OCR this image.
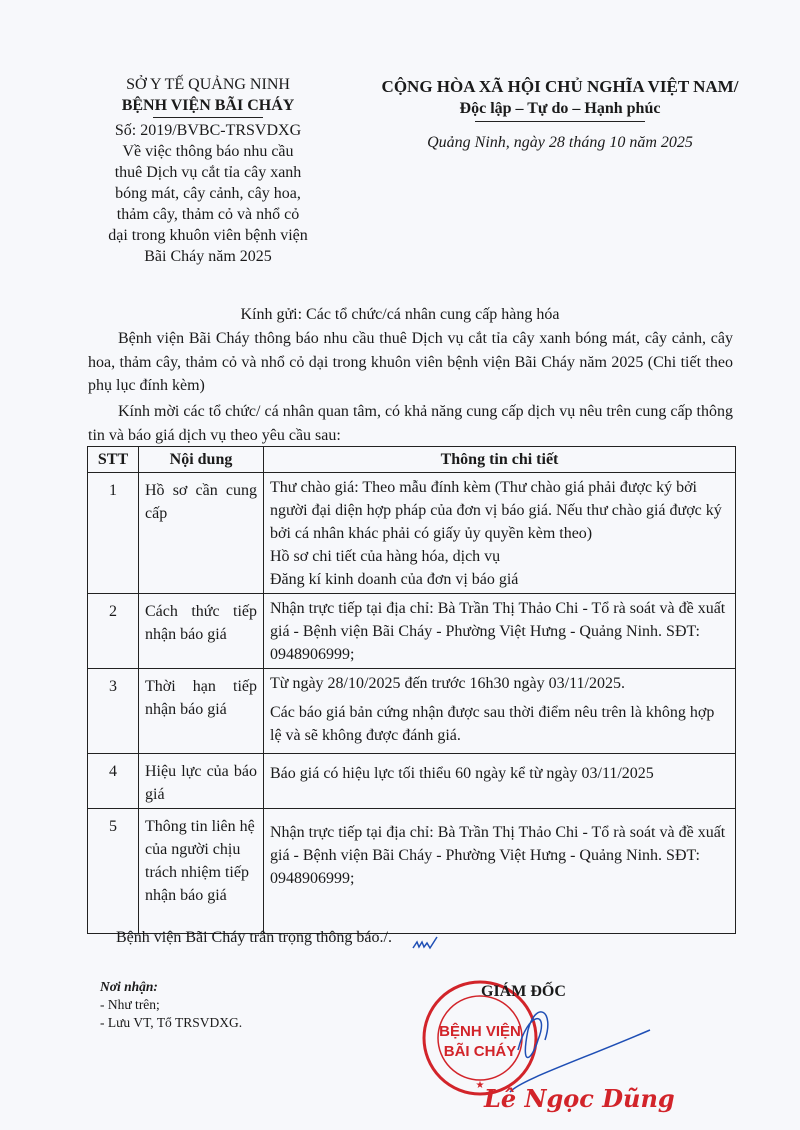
SỞ Y TẾ QUẢNG NINH
BỆNH VIỆN BÃI CHÁY
Số: 2019/BVBC-TRSVDXG
Về việc thông báo nhu cầu
thuê Dịch vụ cắt tỉa cây xanh
bóng mát, cây cảnh, cây hoa,
thảm cây, thảm cỏ và nhổ cỏ
dại trong khuôn viên bệnh viện
Bãi Cháy năm 2025
CỘNG HÒA XÃ HỘI CHỦ NGHĨA VIỆT NAM/
Độc lập – Tự do – Hạnh phúc
Quảng Ninh, ngày 28 tháng 10 năm 2025
Kính gửi: Các tổ chức/cá nhân cung cấp hàng hóa
Bệnh viện Bãi Cháy thông báo nhu cầu thuê Dịch vụ cắt tỉa cây xanh bóng mát, cây cảnh, cây hoa, thảm cây, thảm cỏ và nhổ cỏ dại trong khuôn viên bệnh viện Bãi Cháy năm 2025 (Chi tiết theo phụ lục đính kèm)
Kính mời các tổ chức/ cá nhân quan tâm, có khả năng cung cấp dịch vụ nêu trên cung cấp thông tin và báo giá dịch vụ theo yêu cầu sau:
STT	Nội dung	Thông tin chi tiết
1	Hồ sơ cần cung cấp	Thư chào giá: Theo mẫu đính kèm (Thư chào giá phải được ký bởi người đại diện hợp pháp của đơn vị báo giá. Nếu thư chào giá được ký bởi cá nhân khác phải có giấy ủy quyền kèm theo)

Hồ sơ chi tiết của hàng hóa, dịch vụ

Đăng kí kinh doanh của đơn vị báo giá

2	Cách thức tiếp nhận báo giá	Nhận trực tiếp tại địa chỉ: Bà Trần Thị Thảo Chi - Tổ rà soát và đề xuất giá - Bệnh viện Bãi Cháy - Phường Việt Hưng - Quảng Ninh. SĐT: 0948906999;

3	Thời hạn tiếp nhận báo giá	Từ ngày 28/10/2025 đến trước 16h30 ngày 03/11/2025.

Các báo giá bản cứng nhận được sau thời điểm nêu trên là không hợp lệ và sẽ không được đánh giá.

4	Hiệu lực của báo giá	Báo giá có hiệu lực tối thiểu 60 ngày kể từ ngày 03/11/2025

5	Thông tin liên hệ của người chịu trách nhiệm tiếp nhận báo giá	Nhận trực tiếp tại địa chỉ: Bà Trần Thị Thảo Chi - Tổ rà soát và đề xuất giá - Bệnh viện Bãi Cháy - Phường Việt Hưng - Quảng Ninh. SĐT: 0948906999;

Bệnh viện Bãi Cháy trân trọng thông báo./.
Nơi nhận:
- Như trên;
- Lưu VT, Tổ TRSVDXG.
BỆNH VIỆN
BÃI CHÁY
★
GIÁM ĐỐC
Lê Ngọc Dũng
